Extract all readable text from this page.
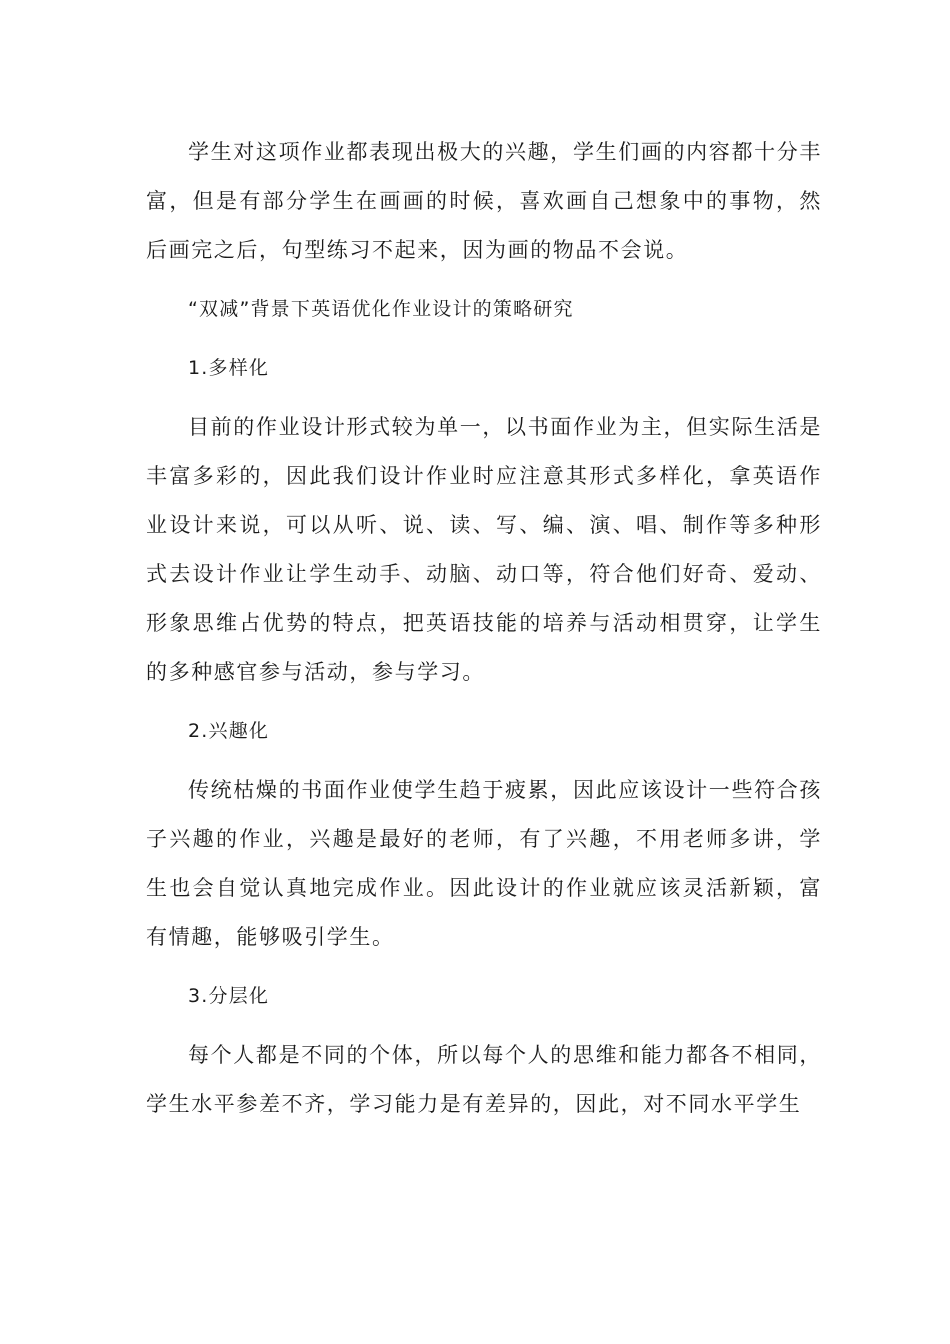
学生对这项作业都表现出极大的兴趣，学生们画的内容都十分丰富，但是有部分学生在画画的时候，喜欢画自己想象中的事物，然后画完之后，句型练习不起来，因为画的物品不会说。

“双减”背景下英语优化作业设计的策略研究

1.多样化

目前的作业设计形式较为单一，以书面作业为主，但实际生活是丰富多彩的，因此我们设计作业时应注意其形式多样化，拿英语作业设计来说，可以从听、说、读、写、编、演、唱、制作等多种形式去设计作业让学生动手、动脑、动口等，符合他们好奇、爱动、形象思维占优势的特点，把英语技能的培养与活动相贯穿，让学生的多种感官参与活动，参与学习。

2.兴趣化

传统枯燥的书面作业使学生趋于疲累，因此应该设计一些符合孩子兴趣的作业，兴趣是最好的老师，有了兴趣，不用老师多讲，学生也会自觉认真地完成作业。因此设计的作业就应该灵活新颖，富有情趣，能够吸引学生。

3.分层化

每个人都是不同的个体，所以每个人的思维和能力都各不相同，学生水平参差不齐，学习能力是有差异的，因此，对不同水平学生
